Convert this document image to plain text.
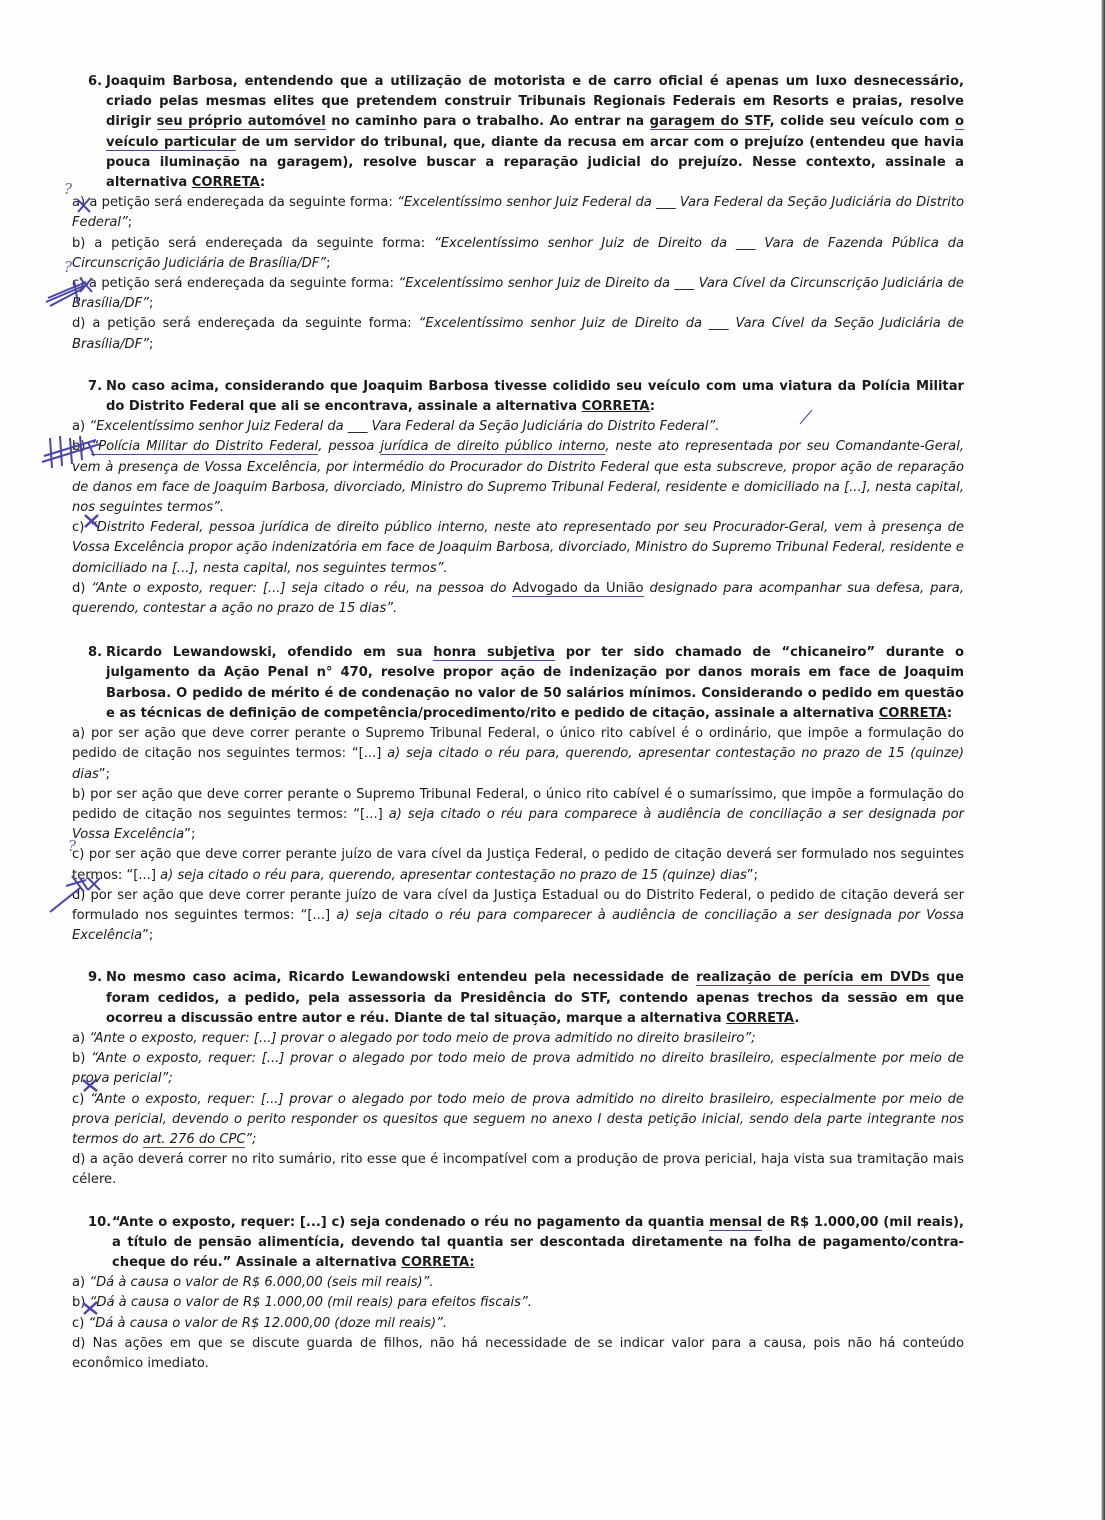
6. Joaquim Barbosa, entendendo que a utilização de motorista e de carro oficial é apenas um luxo desnecessário, criado pelas mesmas elites que pretendem construir Tribunais Regionais Federais em Resorts e praias, resolve dirigir seu próprio automóvel no caminho para o trabalho. Ao entrar na garagem do STF, colide seu veículo com o veículo particular de um servidor do tribunal, que, diante da recusa em arcar com o prejuízo (entendeu que havia pouca iluminação na garagem), resolve buscar a reparação judicial do prejuízo. Nesse contexto, assinale a alternativa CORRETA:
a) a petição será endereçada da seguinte forma: “Excelentíssimo senhor Juiz Federal da ___ Vara Federal da Seção Judiciária do Distrito Federal”;
b) a petição será endereçada da seguinte forma: “Excelentíssimo senhor Juiz de Direito da ___ Vara de Fazenda Pública da Circunscrição Judiciária de Brasília/DF”;
c) a petição será endereçada da seguinte forma: “Excelentíssimo senhor Juiz de Direito da ___ Vara Cível da Circunscrição Judiciária de Brasília/DF”;
d) a petição será endereçada da seguinte forma: “Excelentíssimo senhor Juiz de Direito da ___ Vara Cível da Seção Judiciária de Brasília/DF”;
7. No caso acima, considerando que Joaquim Barbosa tivesse colidido seu veículo com uma viatura da Polícia Militar do Distrito Federal que ali se encontrava, assinale a alternativa CORRETA:
a) “Excelentíssimo senhor Juiz Federal da ___ Vara Federal da Seção Judiciária do Distrito Federal”.
b) “Polícia Militar do Distrito Federal, pessoa jurídica de direito público interno, neste ato representada por seu Comandante-Geral, vem à presença de Vossa Excelência, por intermédio do Procurador do Distrito Federal que esta subscreve, propor ação de reparação de danos em face de Joaquim Barbosa, divorciado, Ministro do Supremo Tribunal Federal, residente e domiciliado na [...], nesta capital, nos seguintes termos”.
c) “Distrito Federal, pessoa jurídica de direito público interno, neste ato representado por seu Procurador-Geral, vem à presença de Vossa Excelência propor ação indenizatória em face de Joaquim Barbosa, divorciado, Ministro do Supremo Tribunal Federal, residente e domiciliado na [...], nesta capital, nos seguintes termos”.
d) “Ante o exposto, requer: [...] seja citado o réu, na pessoa do Advogado da União designado para acompanhar sua defesa, para, querendo, contestar a ação no prazo de 15 dias”.
8. Ricardo Lewandowski, ofendido em sua honra subjetiva por ter sido chamado de “chicaneiro” durante o julgamento da Ação Penal n° 470, resolve propor ação de indenização por danos morais em face de Joaquim Barbosa. O pedido de mérito é de condenação no valor de 50 salários mínimos. Considerando o pedido em questão e as técnicas de definição de competência/procedimento/rito e pedido de citação, assinale a alternativa CORRETA:
a) por ser ação que deve correr perante o Supremo Tribunal Federal, o único rito cabível é o ordinário, que impõe a formulação do pedido de citação nos seguintes termos: “[...] a) seja citado o réu para, querendo, apresentar contestação no prazo de 15 (quinze) dias”;
b) por ser ação que deve correr perante o Supremo Tribunal Federal, o único rito cabível é o sumaríssimo, que impõe a formulação do pedido de citação nos seguintes termos: “[...] a) seja citado o réu para comparece à audiência de conciliação a ser designada por Vossa Excelência”;
c) por ser ação que deve correr perante juízo de vara cível da Justiça Federal, o pedido de citação deverá ser formulado nos seguintes termos: “[...] a) seja citado o réu para, querendo, apresentar contestação no prazo de 15 (quinze) dias”;
d) por ser ação que deve correr perante juízo de vara cível da Justiça Estadual ou do Distrito Federal, o pedido de citação deverá ser formulado nos seguintes termos: “[...] a) seja citado o réu para comparecer à audiência de conciliação a ser designada por Vossa Excelência”;
9. No mesmo caso acima, Ricardo Lewandowski entendeu pela necessidade de realização de perícia em DVDs que foram cedidos, a pedido, pela assessoria da Presidência do STF, contendo apenas trechos da sessão em que ocorreu a discussão entre autor e réu. Diante de tal situação, marque a alternativa CORRETA.
a) “Ante o exposto, requer: [...] provar o alegado por todo meio de prova admitido no direito brasileiro”;
b) “Ante o exposto, requer: [...] provar o alegado por todo meio de prova admitido no direito brasileiro, especialmente por meio de prova pericial”;
c) “Ante o exposto, requer: [...] provar o alegado por todo meio de prova admitido no direito brasileiro, especialmente por meio de prova pericial, devendo o perito responder os quesitos que seguem no anexo I desta petição inicial, sendo dela parte integrante nos termos do art. 276 do CPC”;
d) a ação deverá correr no rito sumário, rito esse que é incompatível com a produção de prova pericial, haja vista sua tramitação mais célere.
10.“Ante o exposto, requer: [...] c) seja condenado o réu no pagamento da quantia mensal de R$ 1.000,00 (mil reais), a título de pensão alimentícia, devendo tal quantia ser descontada diretamente na folha de pagamento/contra-cheque do réu.” Assinale a alternativa CORRETA:
a) “Dá à causa o valor de R$ 6.000,00 (seis mil reais)”.
b) “Dá à causa o valor de R$ 1.000,00 (mil reais) para efeitos fiscais”.
c) “Dá à causa o valor de R$ 12.000,00 (doze mil reais)”.
d) Nas ações em que se discute guarda de filhos, não há necessidade de se indicar valor para a causa, pois não há conteúdo econômico imediato.
?
?
?
